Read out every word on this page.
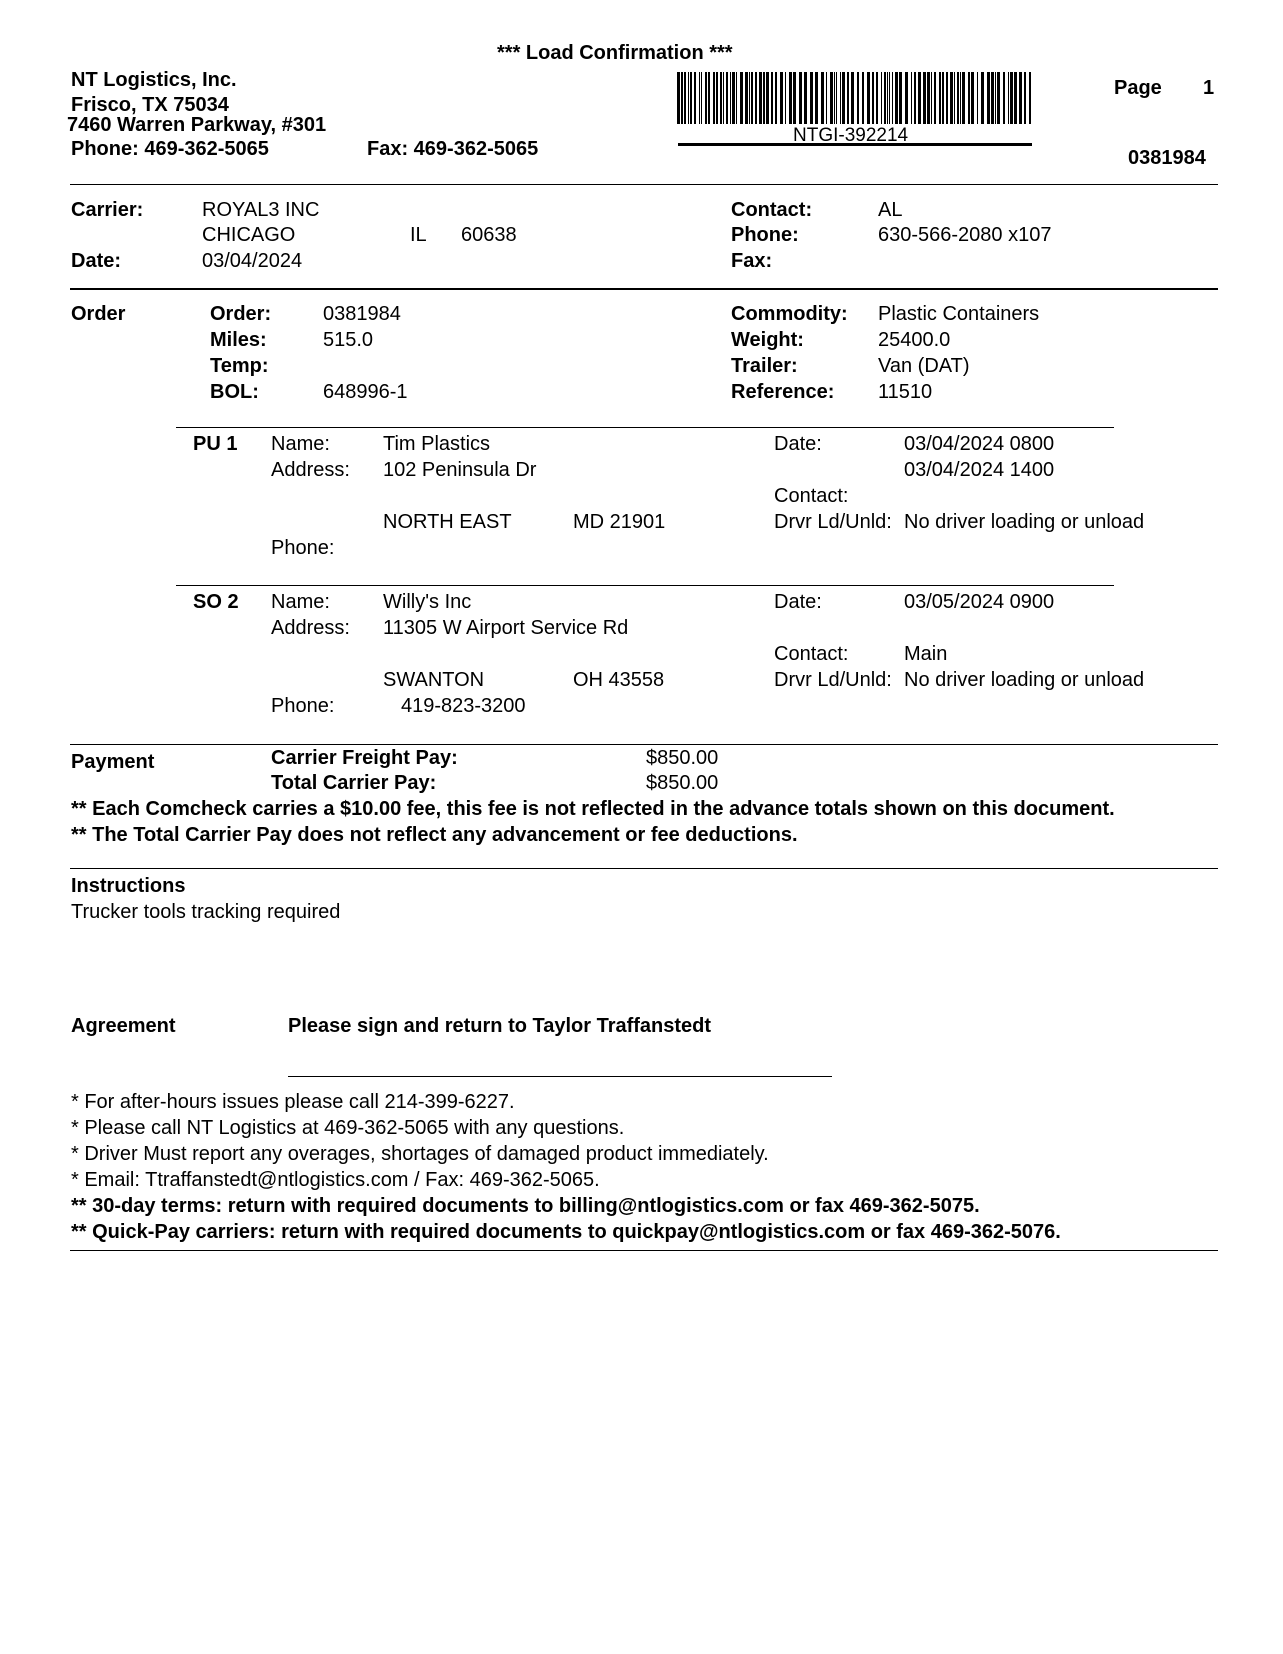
*** Load Confirmation ***
NT Logistics, Inc.
Frisco, TX 75034
7460 Warren Parkway, #301
Phone: 469-362-5065	Fax: 469-362-5065
NTGI-392214
Page 1
0381984
Carrier:	ROYAL3 INC
CHICAGO	IL 60638
Date:	03/04/2024
Contact:	AL
Phone:	630-566-2080 x107
Fax:
Order	Order:	0381984
Miles:	515.0
Temp:
BOL:	648996-1
Commodity: Plastic Containers
Weight:	25400.0
Trailer:	Van (DAT)
Reference: 11510
PU 1 Name:	Tim Plastics
Address: 102 Peninsula Dr
NORTH EAST	MD 21901
Phone:
Date:	03/04/2024 0800
03/04/2024 1400
Contact:
Drvr Ld/Unld: No driver loading or unload
SO 2 Name:	Willy's Inc
Address: 11305 W Airport Service Rd
SWANTON	OH 43558
Phone:	419-823-3200
Date:	03/05/2024 0900
Contact:	Main
Drvr Ld/Unld: No driver loading or unload
Payment	Carrier Freight Pay:	$850.00
Total Carrier Pay:	$850.00
** Each Comcheck carries a $10.00 fee, this fee is not reflected in the advance totals shown on this document.
** The Total Carrier Pay does not reflect any advancement or fee deductions.
Instructions
Trucker tools tracking required
Agreement	Please sign and return to Taylor Traffanstedt
* For after-hours issues please call 214-399-6227.
* Please call NT Logistics at 469-362-5065 with any questions.
* Driver Must report any overages, shortages of damaged product immediately.
* Email: Ttraffanstedt@ntlogistics.com / Fax: 469-362-5065.
** 30-day terms: return with required documents to billing@ntlogistics.com or fax 469-362-5075.
** Quick-Pay carriers: return with required documents to quickpay@ntlogistics.com or fax 469-362-5076.
